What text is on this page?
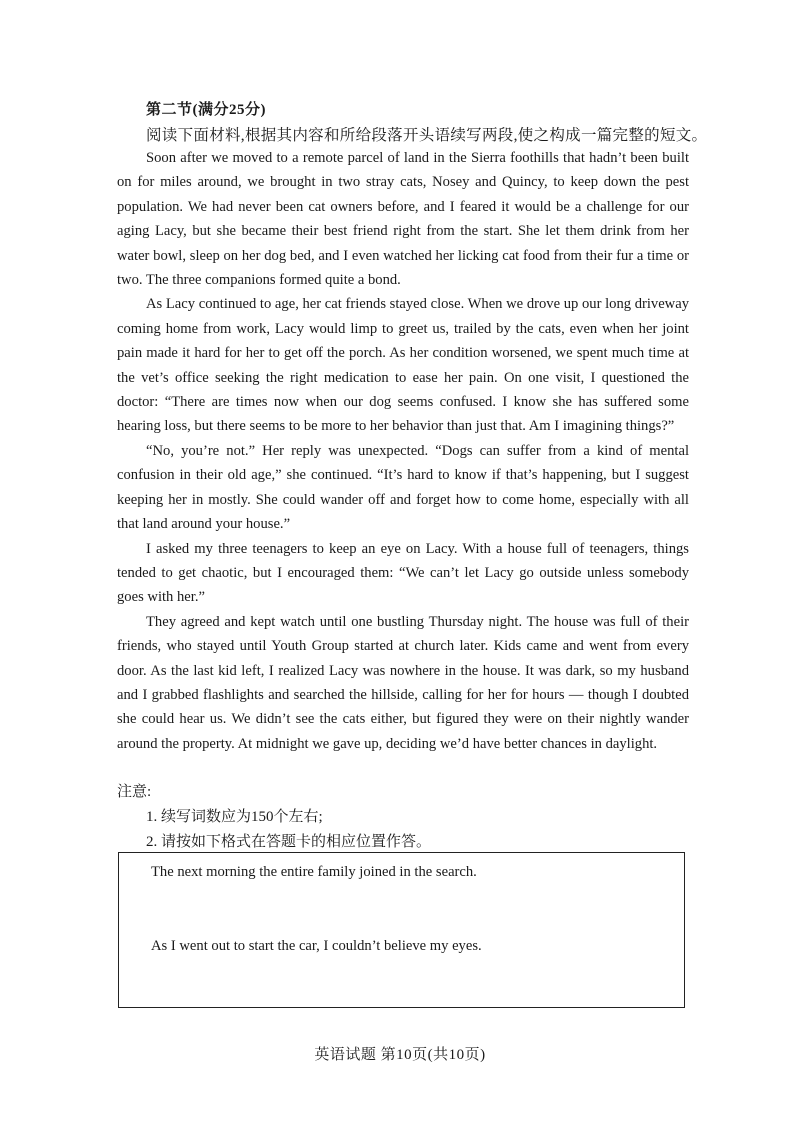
第二节(满分25分)
阅读下面材料,根据其内容和所给段落开头语续写两段,使之构成一篇完整的短文。

Soon after we moved to a remote parcel of land in the Sierra foothills that hadn’t been built on for miles around, we brought in two stray cats, Nosey and Quincy, to keep down the pest population. We had never been cat owners before, and I feared it would be a challenge for our aging Lacy, but she became their best friend right from the start. She let them drink from her water bowl, sleep on her dog bed, and I even watched her licking cat food from their fur a time or two. The three companions formed quite a bond.

As Lacy continued to age, her cat friends stayed close. When we drove up our long driveway coming home from work, Lacy would limp to greet us, trailed by the cats, even when her joint pain made it hard for her to get off the porch. As her condition worsened, we spent much time at the vet’s office seeking the right medication to ease her pain. On one visit, I questioned the doctor: “There are times now when our dog seems confused. I know she has suffered some hearing loss, but there seems to be more to her behavior than just that. Am I imagining things?”

“No, you’re not.” Her reply was unexpected. “Dogs can suffer from a kind of mental confusion in their old age,” she continued. “It’s hard to know if that’s happening, but I suggest keeping her in mostly. She could wander off and forget how to come home, especially with all that land around your house.”

I asked my three teenagers to keep an eye on Lacy. With a house full of teenagers, things tended to get chaotic, but I encouraged them: “We can’t let Lacy go outside unless somebody goes with her.”

They agreed and kept watch until one bustling Thursday night. The house was full of their friends, who stayed until Youth Group started at church later. Kids came and went from every door. As the last kid left, I realized Lacy was nowhere in the house. It was dark, so my husband and I grabbed flashlights and searched the hillside, calling for her for hours — though I doubted she could hear us. We didn’t see the cats either, but figured they were on their nightly wander around the property. At midnight we gave up, deciding we’d have better chances in daylight.

注意:
1. 续写词数应为150个左右;
2. 请按如下格式在答题卡的相应位置作答。
The next morning the entire family joined in the search.
As I went out to start the car, I couldn’t believe my eyes.
英语试题 第10页(共10页)
